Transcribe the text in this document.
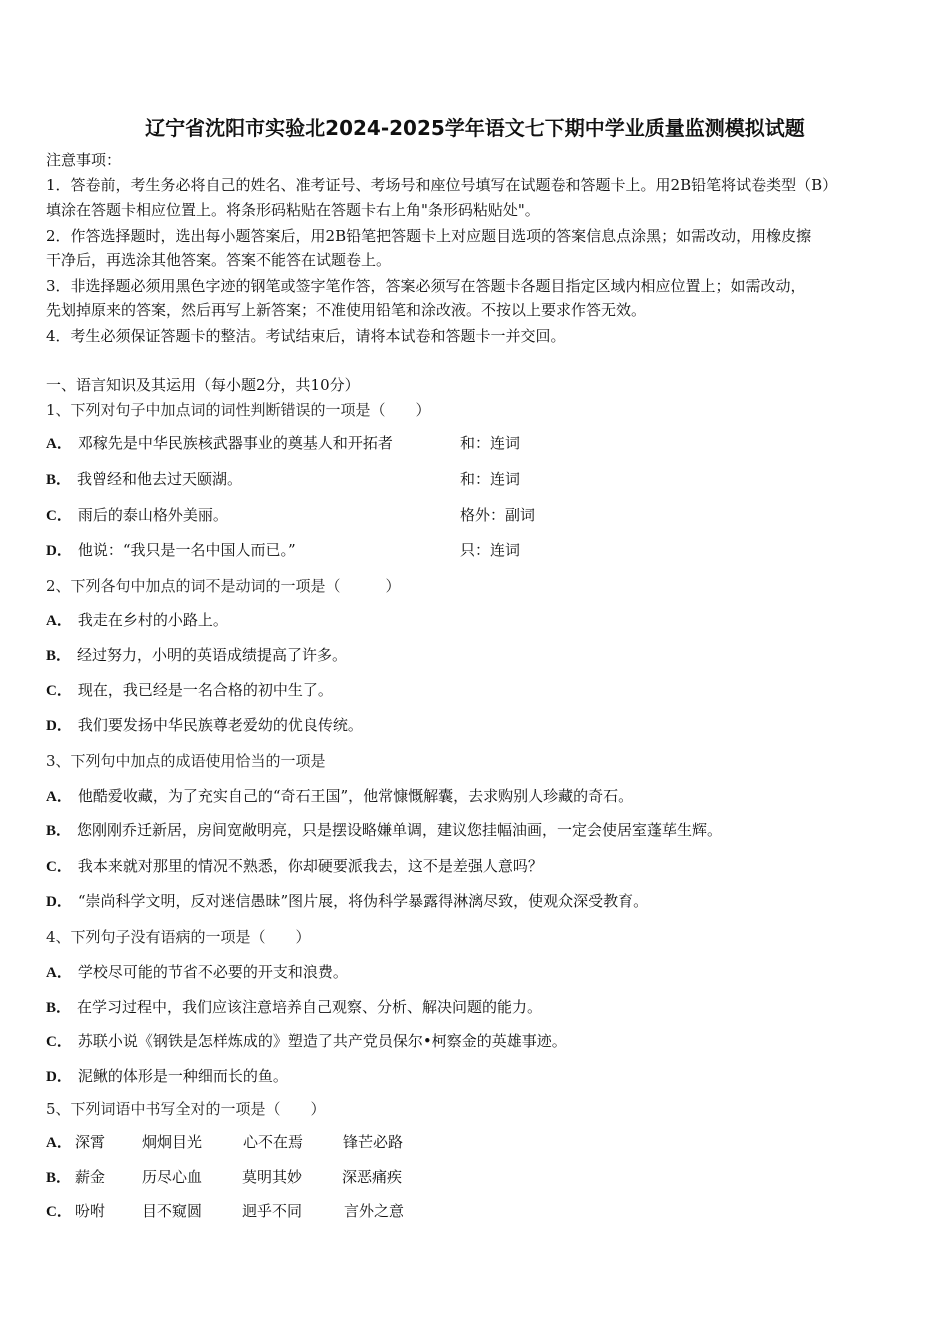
辽宁省沈阳市实验北2024-2025学年语文七下期中学业质量监测模拟试题
注意事项：
1．答卷前，考生务必将自己的姓名、准考证号、考场号和座位号填写在试题卷和答题卡上。用2B铅笔将试卷类型（B）
填涂在答题卡相应位置上。将条形码粘贴在答题卡右上角"条形码粘贴处"。
2．作答选择题时，选出每小题答案后，用2B铅笔把答题卡上对应题目选项的答案信息点涂黑；如需改动，用橡皮擦
干净后，再选涂其他答案。答案不能答在试题卷上。
3．非选择题必须用黑色字迹的钢笔或签字笔作答，答案必须写在答题卡各题目指定区域内相应位置上；如需改动，
先划掉原来的答案，然后再写上新答案；不准使用铅笔和涂改液。不按以上要求作答无效。
4．考生必须保证答题卡的整洁。考试结束后，请将本试卷和答题卡一并交回。
一、语言知识及其运用（每小题2分，共10分）
1、下列对句子中加点词的词性判断错误的一项是（　　）
A． 邓稼先是中华民族核武器事业的奠基人和开拓者	和：连词
B． 我曾经和他去过天颐湖。	和：连词
C． 雨后的泰山格外美丽。	格外：副词
D． 他说：“我只是一名中国人而已。”	只：连词
2、下列各句中加点的词不是动词的一项是（　　　）
A． 我走在乡村的小路上。
B． 经过努力，小明的英语成绩提高了许多。
C． 现在，我已经是一名合格的初中生了。
D． 我们要发扬中华民族尊老爱幼的优良传统。
3、下列句中加点的成语使用恰当的一项是
A． 他酷爱收藏，为了充实自己的“奇石王国”，他常慷慨解囊，去求购别人珍藏的奇石。
B． 您刚刚乔迁新居，房间宽敞明亮，只是摆设略嫌单调，建议您挂幅油画，一定会使居室蓬荜生辉。
C． 我本来就对那里的情况不熟悉，你却硬要派我去，这不是差强人意吗？
D． “崇尚科学文明，反对迷信愚昧”图片展，将伪科学暴露得淋漓尽致，使观众深受教育。
4、下列句子没有语病的一项是（　　）
A． 学校尽可能的节省不必要的开支和浪费。
B． 在学习过程中，我们应该注意培养自己观察、分析、解决问题的能力。
C． 苏联小说《钢铁是怎样炼成的》塑造了共产党员保尔•柯察金的英雄事迹。
D． 泥鳅的体形是一种细而长的鱼。
5、下列词语中书写全对的一项是（　　）
A． 深霄 炯炯目光	心不在焉	锋芒必路
B． 薪金 历尽心血	莫明其妙	深恶痛疾
C． 吩咐 目不窥圆	迥乎不同	言外之意
